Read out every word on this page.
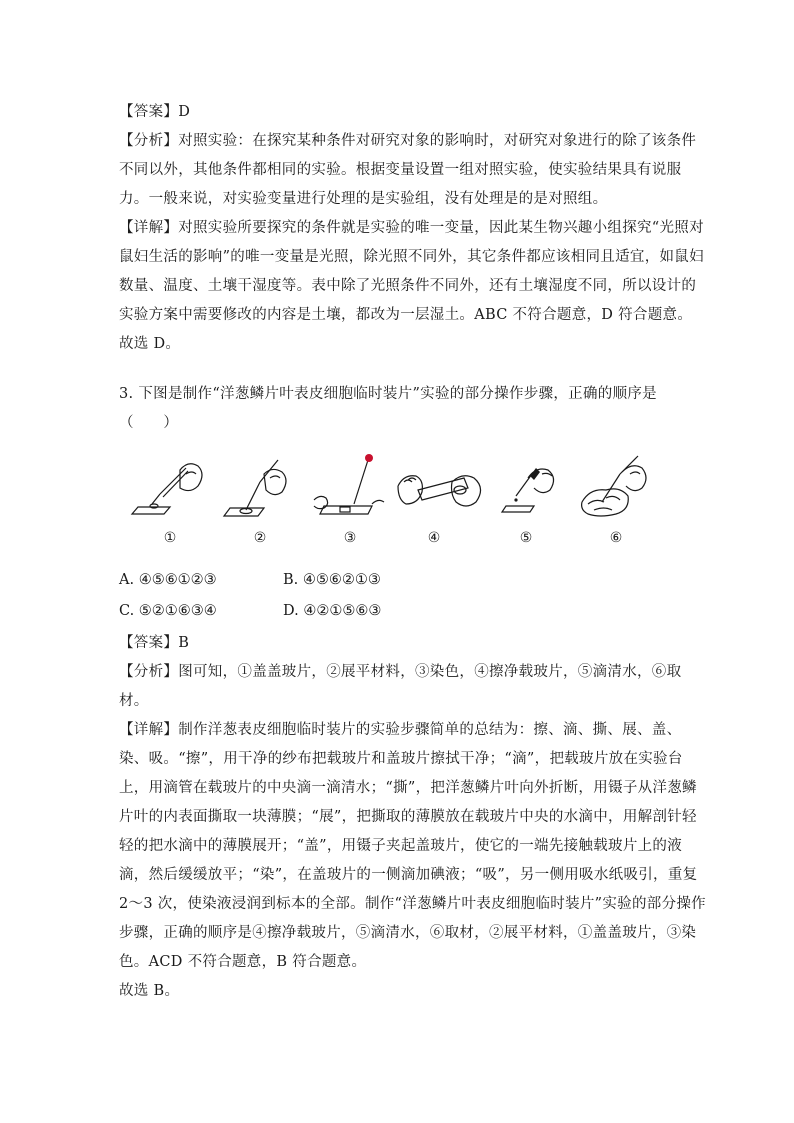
【答案】D
【分析】对照实验：在探究某种条件对研究对象的影响时，对研究对象进行的除了该条件
不同以外，其他条件都相同的实验。根据变量设置一组对照实验，使实验结果具有说服
力。一般来说，对实验变量进行处理的是实验组，没有处理是的是对照组。
【详解】对照实验所要探究的条件就是实验的唯一变量，因此某生物兴趣小组探究“光照对
鼠妇生活的影响”的唯一变量是光照，除光照不同外，其它条件都应该相同且适宜，如鼠妇
数量、温度、土壤干湿度等。表中除了光照条件不同外，还有土壤湿度不同，所以设计的
实验方案中需要修改的内容是土壤，都改为一层湿土。ABC 不符合题意，D 符合题意。
故选 D。
3. 下图是制作“洋葱鳞片叶表皮细胞临时装片”实验的部分操作步骤，正确的顺序是
（　　）
①	②	③	④	⑤	⑥
A. ④⑤⑥①②③	B. ④⑤⑥②①③
C. ⑤②①⑥③④	D. ④②①⑤⑥③
【答案】B
【分析】图可知，①盖盖玻片，②展平材料，③染色，④擦净载玻片，⑤滴清水，⑥取
材。
【详解】制作洋葱表皮细胞临时装片的实验步骤简单的总结为：擦、滴、撕、展、盖、
染、吸。“擦”，用干净的纱布把载玻片和盖玻片擦拭干净；“滴”，把载玻片放在实验台
上，用滴管在载玻片的中央滴一滴清水；“撕”，把洋葱鳞片叶向外折断，用镊子从洋葱鳞
片叶的内表面撕取一块薄膜；“展”，把撕取的薄膜放在载玻片中央的水滴中，用解剖针轻
轻的把水滴中的薄膜展开；“盖”，用镊子夹起盖玻片，使它的一端先接触载玻片上的液
滴，然后缓缓放平；“染”，在盖玻片的一侧滴加碘液；“吸”，另一侧用吸水纸吸引，重复
2～3 次，使染液浸润到标本的全部。制作“洋葱鳞片叶表皮细胞临时装片”实验的部分操作
步骤，正确的顺序是④擦净载玻片，⑤滴清水，⑥取材，②展平材料，①盖盖玻片，③染
色。ACD 不符合题意，B 符合题意。
故选 B。
